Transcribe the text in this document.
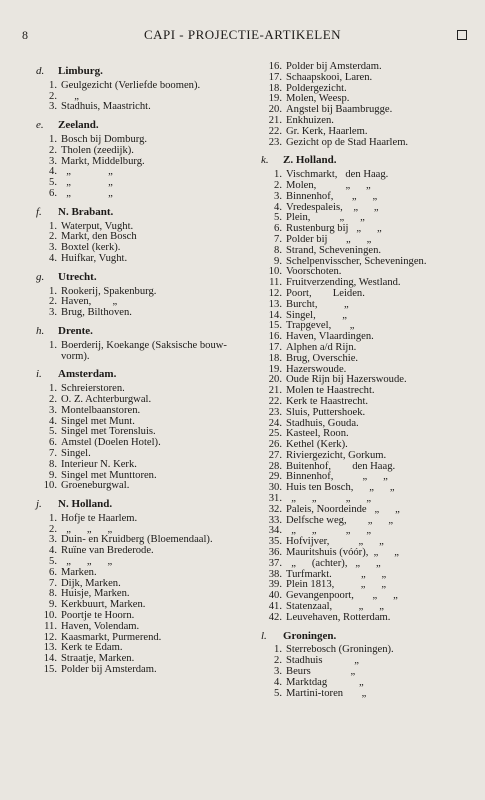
8	CAPI - PROJECTIE-ARTIKELEN
d.	Limburg.
1. Geulgezicht (Verliefde boomen).
2. „
3. Stadhuis, Maastricht.
e.	Zeeland.
1. Bosch bij Domburg.
2. Tholen (zeedijk).
3. Markt, Middelburg.
4. „              „
5. „              „
6. „              „
f.	N. Brabant.
1. Waterput, Vught.
2. Markt, den Bosch
3. Boxtel (kerk).
4. Huifkar, Vught.
g.	Utrecht.
1. Rookerij, Spakenburg.
2. Haven,        „
3. Brug, Bilthoven.
h.	Drente.
1. Boerderij, Koekange (Saksische bouw-
vorm).
i.	Amsterdam.
1. Schreierstoren.
2. O. Z. Achterburgwal.
3. Montelbaanstoren.
4. Singel met Munt.
5. Singel met Torensluis.
6. Amstel (Doelen Hotel).
7. Singel.
8. Interieur N. Kerk.
9. Singel met Munttoren.
10. Groeneburgwal.
j.	N. Holland.
1. Hofje te Haarlem.
2. „      „      „
3. Duin- en Kruidberg (Bloemendaal).
4. Ruïne van Brederode.
5. „      „      „
6. Marken.
7. Dijk, Marken.
8. Huisje, Marken.
9. Kerkbuurt, Marken.
10. Poortje te Hoorn.
11. Haven, Volendam.
12. Kaasmarkt, Purmerend.
13. Kerk te Edam.
14. Straatje, Marken.
15. Polder bij Amsterdam.
16. Polder bij Amsterdam.
17. Schaapskooi, Laren.
18. Poldergezicht.
19. Molen, Weesp.
20. Angstel bij Baambrugge.
21. Enkhuizen.
22. Gr. Kerk, Haarlem.
23. Gezicht op de Stad Haarlem.
k.	Z. Holland.
1. Vischmarkt,   den Haag.
2. Molen,           „      „
3. Binnenhof,       „      „
4. Vredespaleis,    „      „
5. Plein,           „      „
6. Rustenburg bij   „      „
7. Polder bij       „      „
8. Strand, Scheveningen.
9. Schelpenvisscher, Scheveningen.
10. Voorschoten.
11. Fruitverzending, Westland.
12. Poort,        Leiden.
13. Burcht,          „
14. Singel,          „
15. Trapgevel,       „
16. Haven, Vlaardingen.
17. Alphen a/d Rijn.
18. Brug, Overschie.
19. Hazerswoude.
20. Oude Rijn bij Hazerswoude.
21. Molen te Haastrecht.
22. Kerk te Haastrecht.
23. Sluis, Puttershoek.
24. Stadhuis, Gouda.
25. Kasteel, Roon.
26. Kethel (Kerk).
27. Riviergezicht, Gorkum.
28. Buitenhof,        den Haag.
29. Binnenhof,           „      „
30. Huis ten Bosch,      „      „
31. „      „           „      „
32. Paleis, Noordeinde   „      „
33. Delfsche weg,        „      „
34. „      „           „      „
35. Hofvijver,           „      „
36. Mauritshuis (vóór),  „      „
37. „      (achter),   „      „
38. Turfmarkt.           „      „
39. Plein 1813,          „      „
40. Gevangenpoort,       „      „
41. Statenzaal,          „      „
42. Leuvehaven, Rotterdam.
l.	Groningen.
1. Sterrebosch (Groningen).
2. Stadhuis            „
3. Beurs               „
4. Marktdag            „
5. Martini-toren       „
